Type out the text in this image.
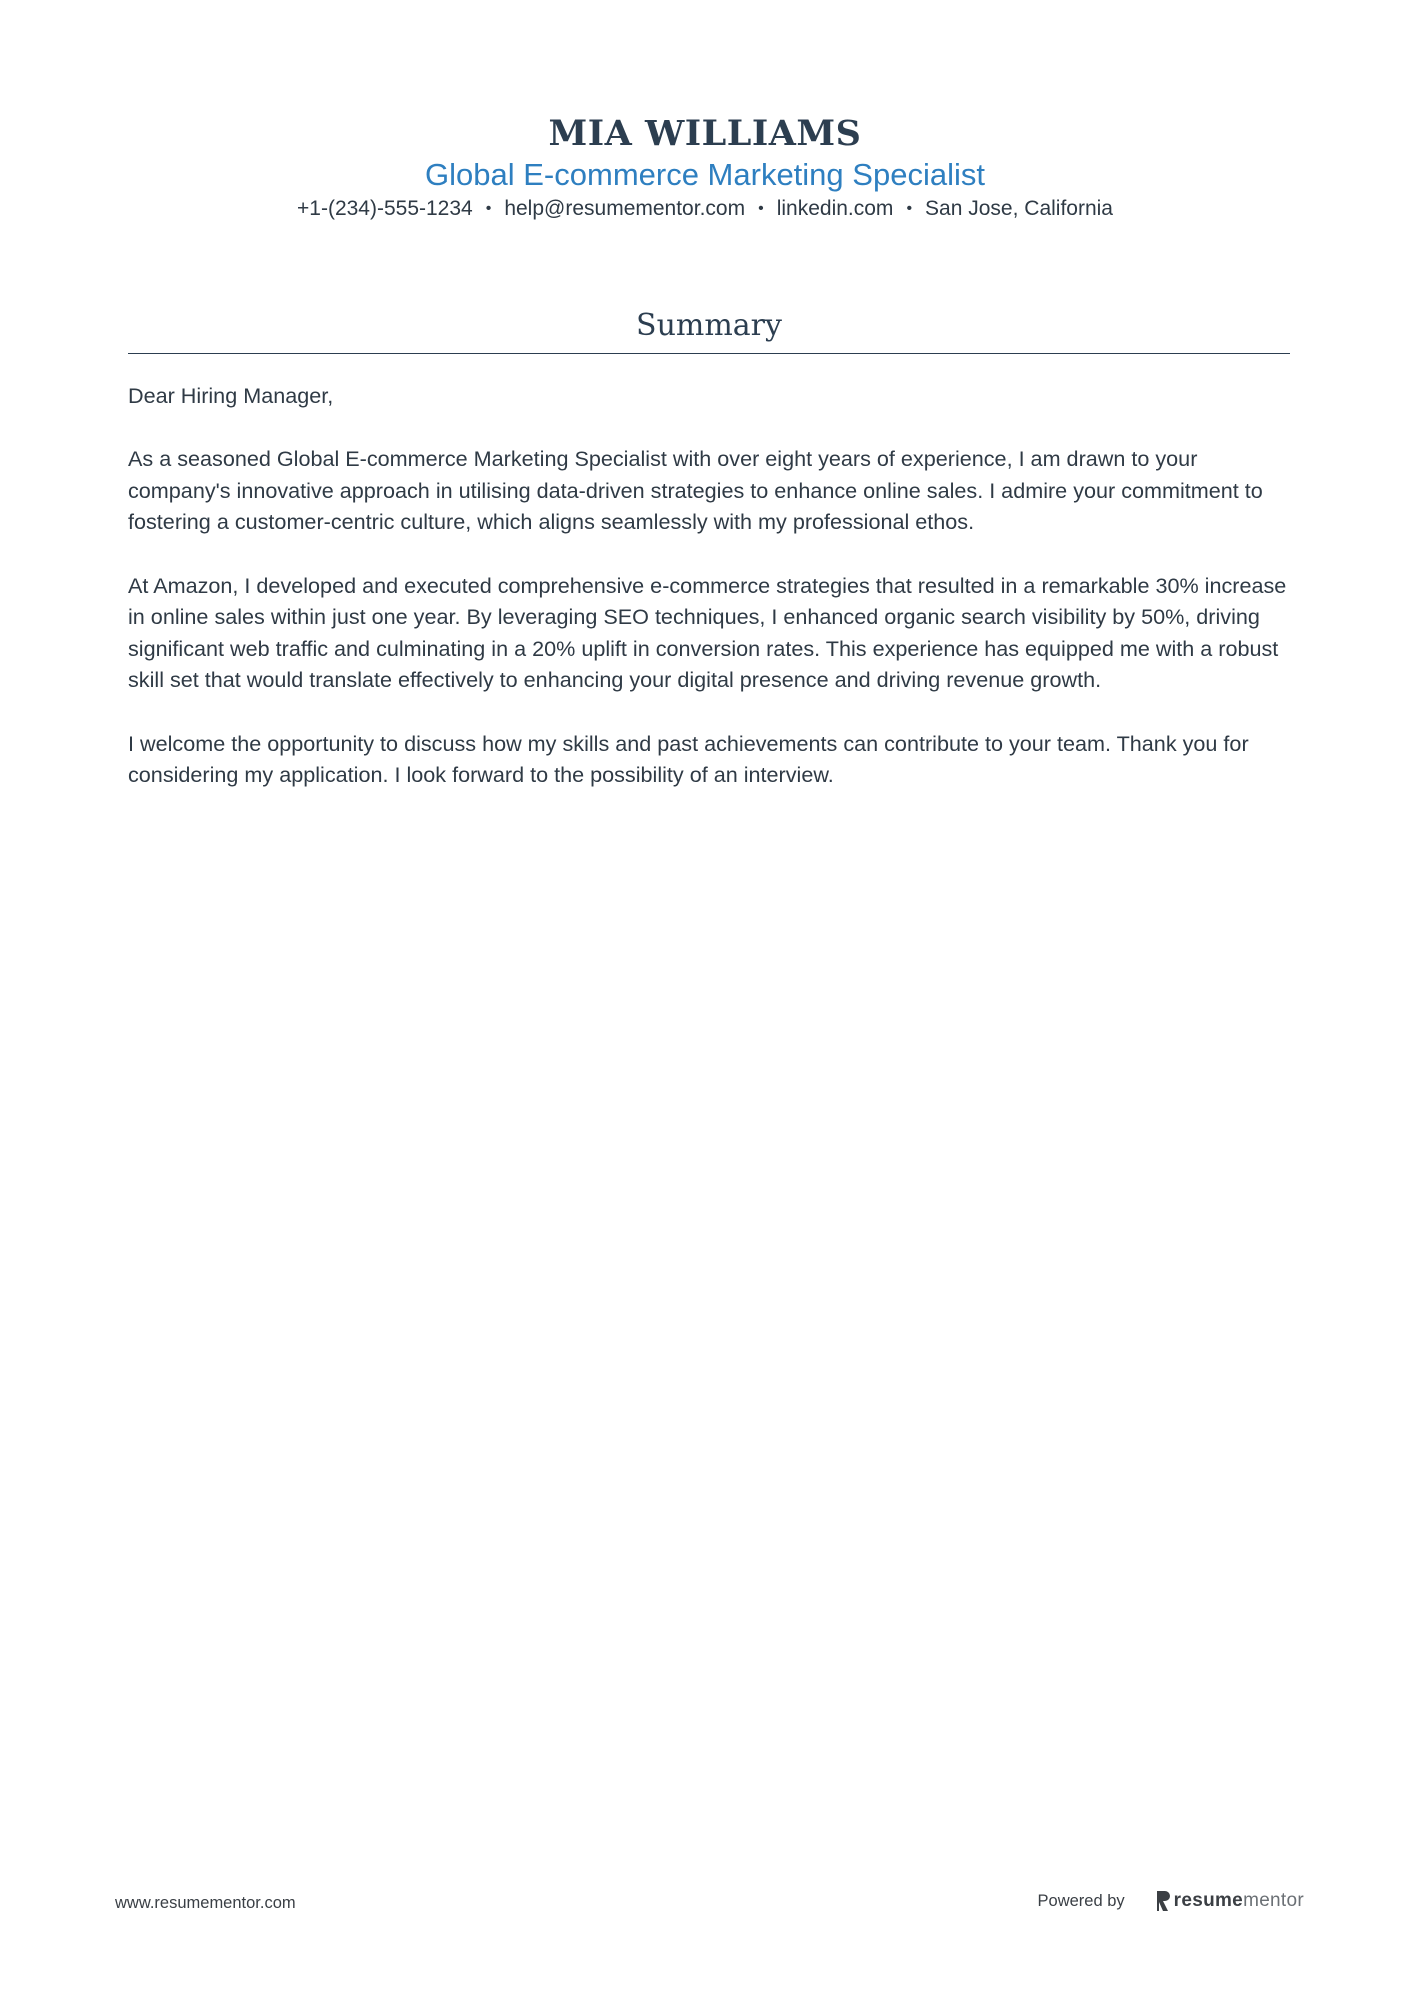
MIA WILLIAMS
Global E-commerce Marketing Specialist
+1-(234)-555-1234 • help@resumementor.com • linkedin.com • San Jose, California
Summary

Dear Hiring Manager,

As a seasoned Global E-commerce Marketing Specialist with over eight years of experience, I am drawn to your company's innovative approach in utilising data-driven strategies to enhance online sales. I admire your commitment to fostering a customer-centric culture, which aligns seamlessly with my professional ethos.

At Amazon, I developed and executed comprehensive e-commerce strategies that resulted in a remarkable 30% increase in online sales within just one year. By leveraging SEO techniques, I enhanced organic search visibility by 50%, driving significant web traffic and culminating in a 20% uplift in conversion rates. This experience has equipped me with a robust skill set that would translate effectively to enhancing your digital presence and driving revenue growth.

I welcome the opportunity to discuss how my skills and past achievements can contribute to your team. Thank you for considering my application. I look forward to the possibility of an interview.

www.resumementor.com	Powered by	resume mentor
